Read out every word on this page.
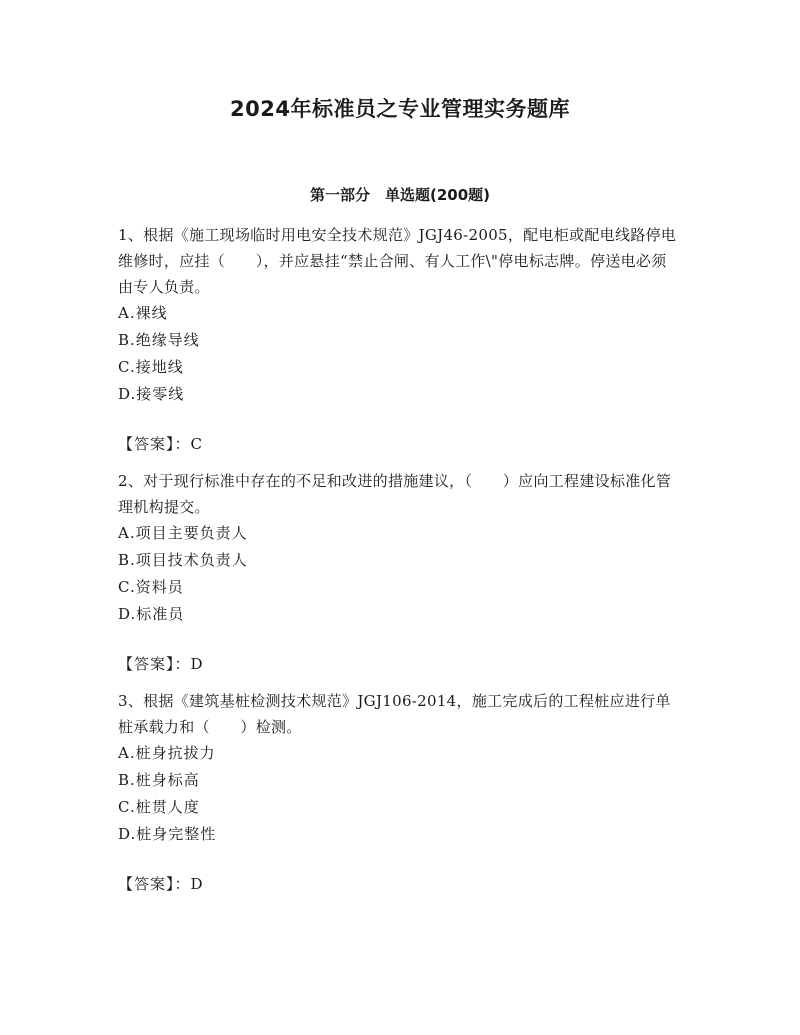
2024年标准员之专业管理实务题库
第一部分　单选题(200题)

1、根据《施工现场临时用电安全技术规范》JGJ46-2005，配电柜或配电线路停电维修时，应挂（　　），并应悬挂“禁止合闸、有人工作\"停电标志牌。停送电必须由专人负责。

A.裸线
B.绝缘导线
C.接地线
D.接零线
【答案】：C

2、对于现行标准中存在的不足和改进的措施建议，（　　）应向工程建设标准化管理机构提交。

A.项目主要负责人
B.项目技术负责人
C.资料员
D.标准员
【答案】：D

3、根据《建筑基桩检测技术规范》JGJ106-2014，施工完成后的工程桩应进行单桩承载力和（　　）检测。

A.桩身抗拔力
B.桩身标高
C.桩贯人度
D.桩身完整性
【答案】：D
